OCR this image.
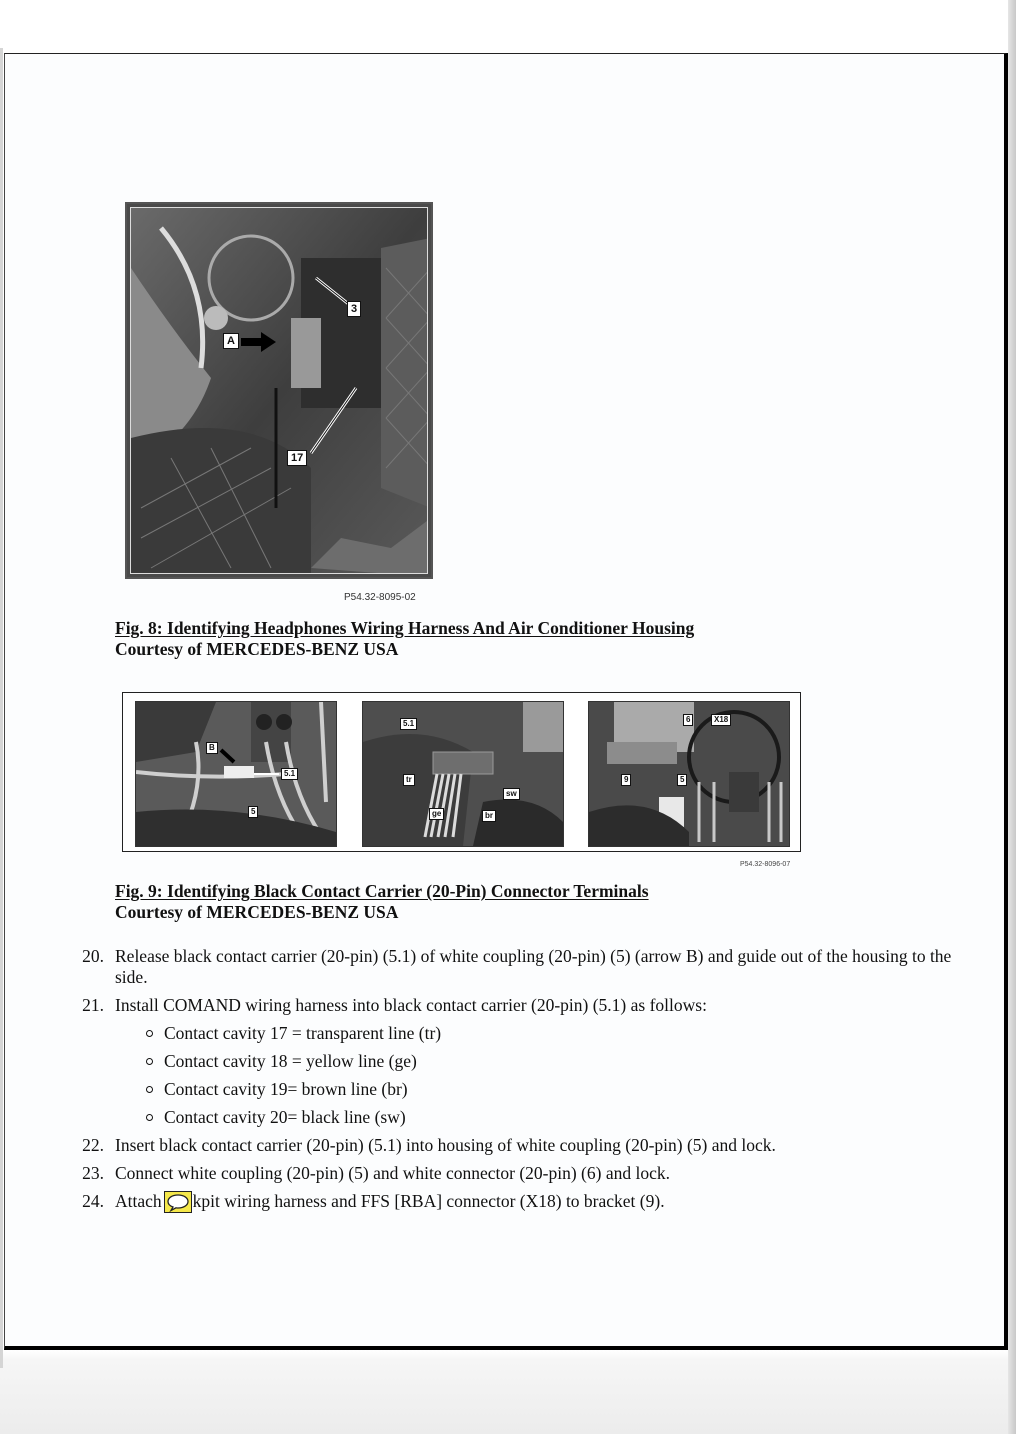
3
A
17
P54.32-8095-02
Fig. 8: Identifying Headphones Wiring Harness And Air Conditioner Housing
Courtesy of MERCEDES-BENZ USA
B
5.1
5
5.1
tr
sw
ge	br
6	X18
9	5
P54.32-8096-07
Fig. 9: Identifying Black Contact Carrier (20-Pin) Connector Terminals
Courtesy of MERCEDES-BENZ USA
20. Release black contact carrier (20-pin) (5.1) of white coupling (20-pin) (5) (arrow B) and guide out of the housing to the side.
21. Install COMAND wiring harness into black contact carrier (20-pin) (5.1) as follows:
Contact cavity 17 = transparent line (tr)
Contact cavity 18 = yellow line (ge)
Contact cavity 19= brown line (br)
Contact cavity 20= black line (sw)
22. Insert black contact carrier (20-pin) (5.1) into housing of white coupling (20-pin) (5) and lock.
23. Connect white coupling (20-pin) (5) and white connector (20-pin) (6) and lock.
24. Attach kpit wiring harness and FFS [RBA] connector (X18) to bracket (9).
